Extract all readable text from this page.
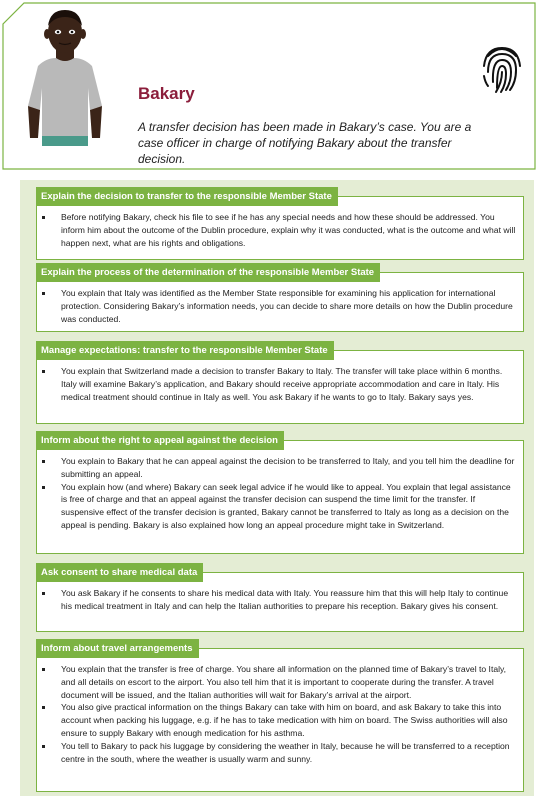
Bakary
A transfer decision has been made in Bakary’s case. You are a case officer in charge of notifying Bakary about the transfer decision.
Explain the decision to transfer to the responsible Member State
Before notifying Bakary, check his file to see if he has any special needs and how these should be addressed. You inform him about the outcome of the Dublin procedure, explain why it was conducted, what is the outcome and what will happen next, what are his rights and obligations.
Explain the process of the determination of the responsible Member State
You explain that Italy was identified as the Member State responsible for examining his application for international protection. Considering Bakary’s information needs, you can decide to share more details on how the Dublin procedure was conducted.
Manage expectations: transfer to the responsible Member State
You explain that Switzerland made a decision to transfer Bakary to Italy. The transfer will take place within 6 months. Italy will examine Bakary’s application, and Bakary should receive appropriate accommodation and care in Italy. His medical treatment should continue in Italy as well. You ask Bakary if he wants to go to Italy. Bakary says yes.
Inform about the right to appeal against the decision
You explain to Bakary that he can appeal against the decision to be transferred to Italy, and you tell him the deadline for submitting an appeal.
You explain how (and where) Bakary can seek legal advice if he would like to appeal. You explain that legal assistance is free of charge and that an appeal against the transfer decision can suspend the time limit for the transfer. If suspensive effect of the transfer decision is granted, Bakary cannot be transferred to Italy as long as a decision on the appeal is pending. Bakary is also explained how long an appeal procedure might take in Switzerland.
Ask consent to share medical data
You ask Bakary if he consents to share his medical data with Italy. You reassure him that this will help Italy to continue his medical treatment in Italy and can help the Italian authorities to prepare his reception. Bakary gives his consent.
Inform about travel arrangements
You explain that the transfer is free of charge. You share all information on the planned time of Bakary’s travel to Italy, and all details on escort to the airport. You also tell him that it is important to cooperate during the transfer. A travel document will be issued, and the Italian authorities will wait for Bakary’s arrival at the airport.
You also give practical information on the things Bakary can take with him on board, and ask Bakary to take this into account when packing his luggage, e.g. if he has to take medication with him on board. The Swiss authorities will also ensure to supply Bakary with enough medication for his asthma.
You tell to Bakary to pack his luggage by considering the weather in Italy, because he will be transferred to a reception centre in the south, where the weather is usually warm and sunny.
